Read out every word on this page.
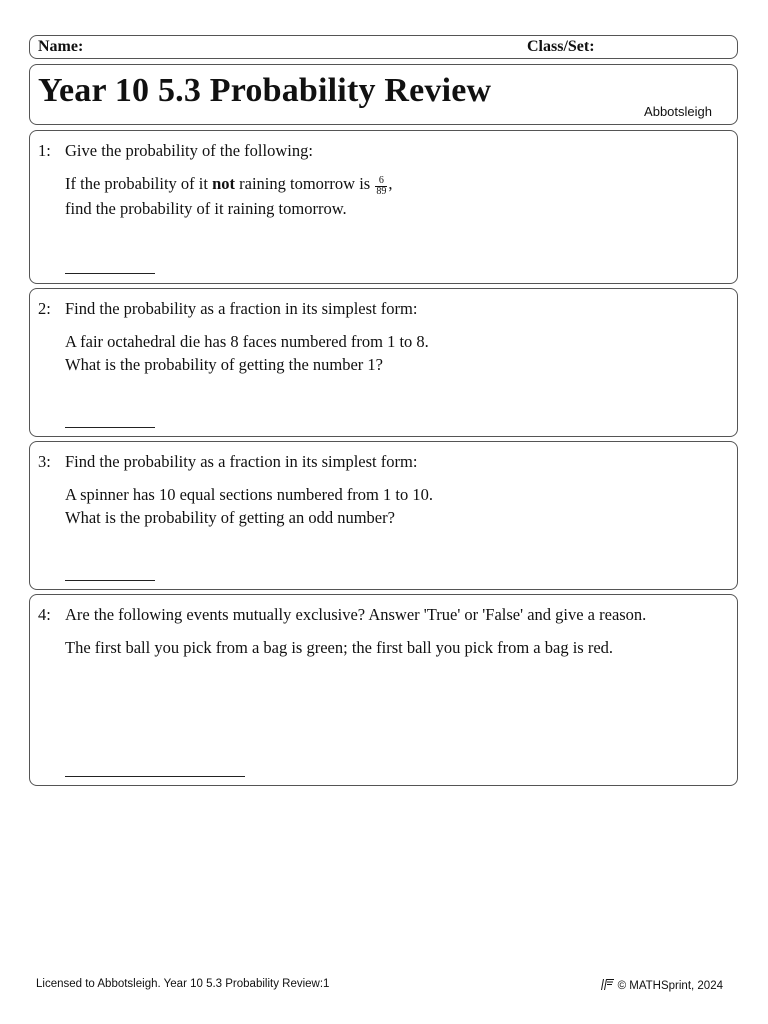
Name:	Class/Set:
Year 10 5.3 Probability Review
Abbotsleigh
1: Give the probability of the following:
If the probability of it not raining tomorrow is $\frac{6}{89}$ ,
find the probability of it raining tomorrow.
2: Find the probability as a fraction in its simplest form:
A fair octahedral die has 8 faces numbered from 1 to 8.
What is the probability of getting the number 1?
3: Find the probability as a fraction in its simplest form:
A spinner has 10 equal sections numbered from 1 to 10.
What is the probability of getting an odd number?
4: Are the following events mutually exclusive? Answer 'True' or 'False' and give a reason.
The first ball you pick from a bag is green; the first ball you pick from a bag is red.
Licensed to Abbotsleigh. Year 10 5.3 Probability Review:1	© MATHSprint, 2024
